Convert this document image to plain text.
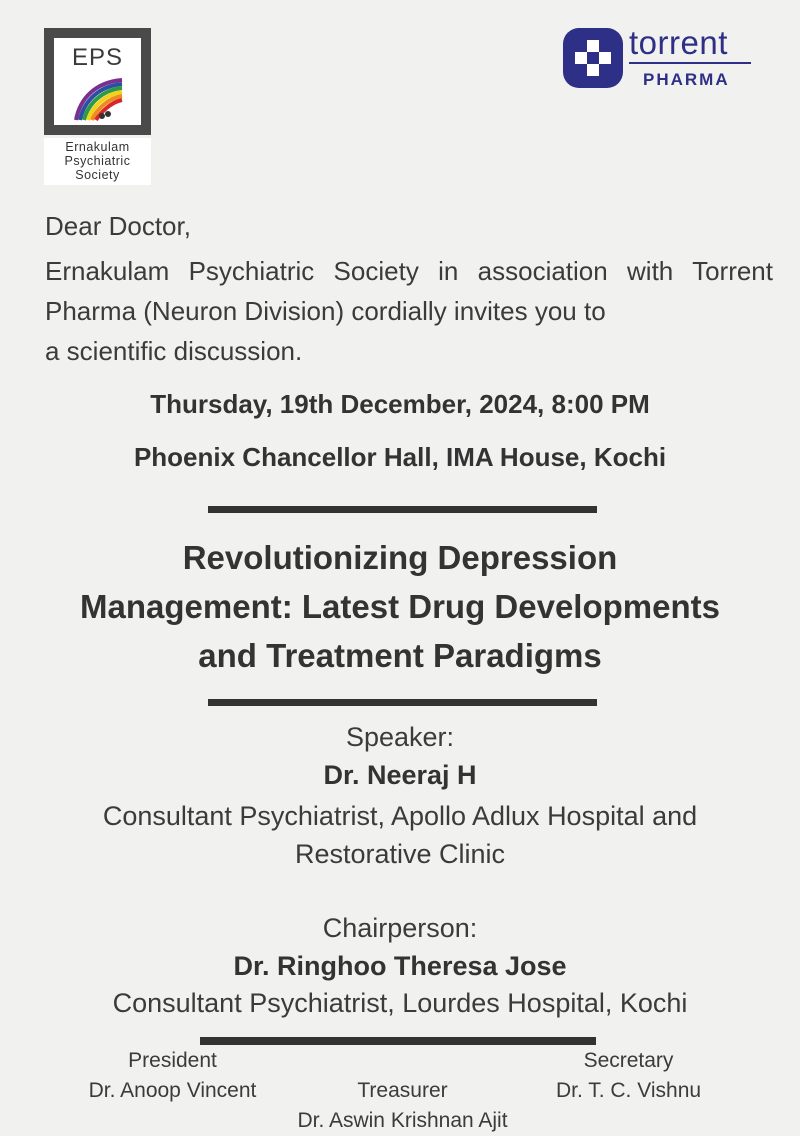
EPS
Ernakulam
Psychiatric
Society
torrent
PHARMA
Dear Doctor,
Ernakulam Psychiatric Society in association with Torrent Pharma (Neuron Division) cordially invites you to
a scientific discussion.
Thursday, 19th December, 2024, 8:00 PM
Phoenix Chancellor Hall, IMA House, Kochi
Revolutionizing Depression
Management: Latest Drug Developments
and Treatment Paradigms
Speaker:
Dr. Neeraj H
Consultant Psychiatrist, Apollo Adlux Hospital and
Restorative Clinic
Chairperson:
Dr. Ringhoo Theresa Jose
Consultant Psychiatrist, Lourdes Hospital, Kochi
President
Dr. Anoop Vincent	Treasurer
Dr. Aswin Krishnan Ajit
Secretary
Dr. T. C. Vishnu
